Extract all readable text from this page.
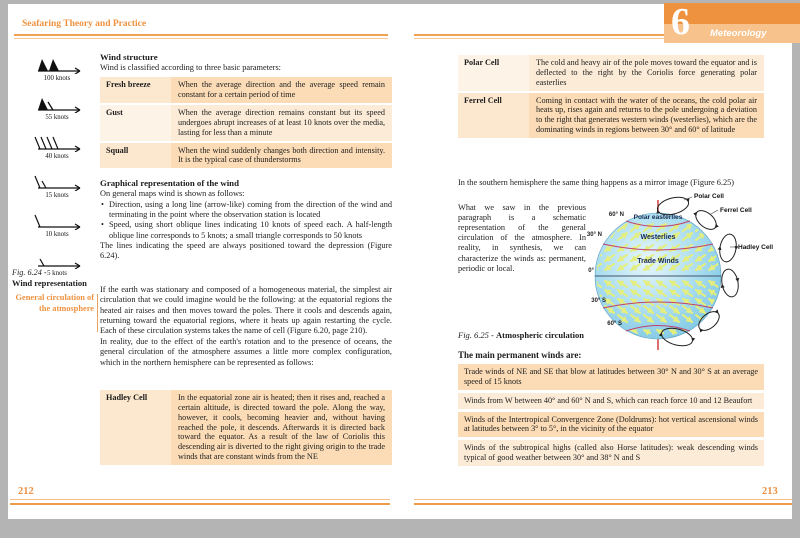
Seafaring Theory and Practice	6 Meteorology
100 knots
55 knots
40 knots
15 knots
10 knots
5 knots
Fig. 6.24 -
Wind representation
General circulation of the atmosphere
Wind structure
Wind is classified according to three basic parameters:
Fresh breeze	When the average direction and the average speed remain constant for a certain period of time
Gust	When the average direction remains constant but its speed undergoes abrupt increases of at least 10 knots over the media, lasting for less than a minute
Squall	When the wind suddenly changes both direction and intensity. It is the typical case of thunderstorms
Graphical representation of the wind
On general maps wind is shown as follows:
• Direction, using a long line (arrow-like) coming from the direction of the wind and terminating in the point where the observation station is located
• Speed, using short oblique lines indicating 10 knots of speed each. A half-length oblique line corresponds to 5 knots; a small triangle corresponds to 50 knots
The lines indicating the speed are always positioned toward the depression (Figure 6.24).
If the earth was stationary and composed of a homogeneous material, the simplest air circulation that we could imagine would be the following: at the equatorial regions the heated air raises and then moves toward the poles. There it cools and descends again, returning toward the equatorial regions, where it heats up again restarting the cycle. Each of these circulation systems takes the name of cell (Figure 6.20, page 210).
In reality, due to the effect of the earth's rotation and to the presence of oceans, the general circulation of the atmosphere assumes a little more complex configuration, which in the northern hemisphere can be represented as follows:
Hadley Cell	In the equatorial zone air is heated; then it rises and, reached a certain altitude, is directed toward the pole. Along the way, however, it cools, becoming heavier and, without having reached the pole, it descends. Afterwards it is directed back toward the equator. As a result of the law of Coriolis this descending air is diverted to the right giving origin to the trade winds that are constant winds from the NE
Polar Cell	The cold and heavy air of the pole moves toward the equator and is deflected to the right by the Coriolis force generating polar easterlies
Ferrel Cell	Coming in contact with the water of the oceans, the cold polar air heats up, rises again and returns to the pole undergoing a deviation to the right that generates western winds (westerlies), which are the dominating winds in regions between 30° and 60° of latitude
In the southern hemisphere the same thing happens as a mirror image (Figure 6.25)
What we saw in the previous paragraph is a schematic representation of the general circulation of the atmosphere. In reality, in synthesis, we can characterize the winds as: permanent, periodic or local.
Fig. 6.25 - Atmospheric circulation
Polar easterlies
Westerlies
Trade Winds
60° N
30° N
0°
30° S
60° S
Polar Cell
Ferrel Cell
Hadley Cell
The main permanent winds are:
Trade winds of NE and SE that blow at latitudes between 30° N and 30° S at an average speed of 15 knots
Winds from W between 40° and 60° N and S, which can reach force 10 and 12 Beaufort
Winds of the Intertropical Convergence Zone (Doldrums): hot vertical ascensional winds at latitudes between 3° to 5°, in the vicinity of the equator
Winds of the subtropical highs (called also Horse latitudes): weak descending winds typical of good weather between 30° and 38° N and S
212	213
